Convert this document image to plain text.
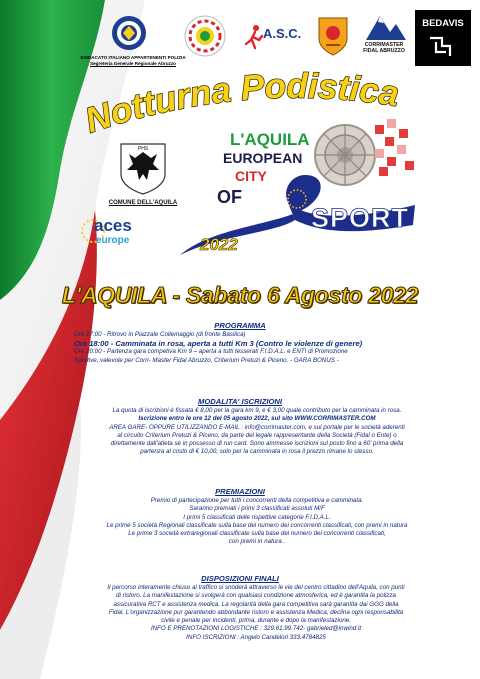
SINDACATO ITALIANO APPARTENENTI POLIZIA
Segreteria Generale Regionale Abruzzo
A.S.C.
CORRIMASTER
FIDAL ABRUZZO
BEDAVIS
Notturna Podistica
PHS
COMUNE DELL'AQUILA
aces
europe
L'AQUILA
EUROPEAN
CITY
OF
2022
SPORT
L'AQUILA - Sabato 6 Agosto 2022
PROGRAMMA
Ore 17:00 - Ritrovo in Piazzale Collemaggio (di fronte Basilica)
Ore 18:00 - Camminata in rosa, aperta a tutti Km 3 (Contro le violenze di genere)
Ore 20:00 - Partenza gara competiva Km 9 – aperta a tutti tesserati F.I.D.A.L. e ENTI di Promozione
Sportive, valevole per Corri- Master Fidal Abruzzo, Criterium Pretuzi & Piceno. - GARA BONUS -
MODALITA' ISCRIZIONI
La quota di iscrizioni è fissata € 8,00 per la gara km 9, e € 3,00 quale contributo per la camminata in rosa.
Iscrizione entro le ore 12 del 05 agosto 2022, sul sito WWW.CORRIMASTER.COM
AREA GARE- OPPURE UTILIZZANDO E-MAIL : info@corrimaster.com, e sul portale per le società aderenti
al circuito Criterium Pretuzi & Piceno, da parte del legale rappresentante della Società (Fidal o Ente) o
direttamente dall'atleta se in possesso di run card. Sono ammesse iscrizioni sul posto fino a 60' prima della
partenza al costo di € 10,00, solo per la camminata in rosa il prezzo rimane lo stesso.
PREMIAZIONI
Premio di partecipazione per tutti i concorrenti della competitiva e camminata.
Saranno premiati i primi 3 classificati assoluti M/F
I primi 5 classificati delle rispettive categorie F.I.D.A.L.
Le prime 5 società Regionali classificate sulla base del numero dei concorrenti classificati, con premi in natura
Le prime 3 società extraregionali classificate sulla base del numero dei concorrenti classificati,
con premi in natura .
DISPOSIZIONI FINALI
Il percorso interamente chiuso al traffico si snoderà attraverso le vie del centro cittadino dell'Aquila, con punti
di ristoro. La manifestazione si svolgerà con qualsiasi condizione atmosferica, ed è garantita la polizza
assicurativa RCT e assistenza medica. La regolarità della gara competitiva sarà garantita dai GGG della
Fidal. L'organizzazione pur garantendo abbondante ristoro e assistenza Medica, declina ogni responsabilità
civile e penale per incidenti, prima, durante e dopo la manifestazione.
INFO E PRENOTAZIONI LOGISTICHE : 329.61.99.742- gabrieled@inwind.it
INFO ISCRIZIONI : Angelo Candelori 333.4784825
